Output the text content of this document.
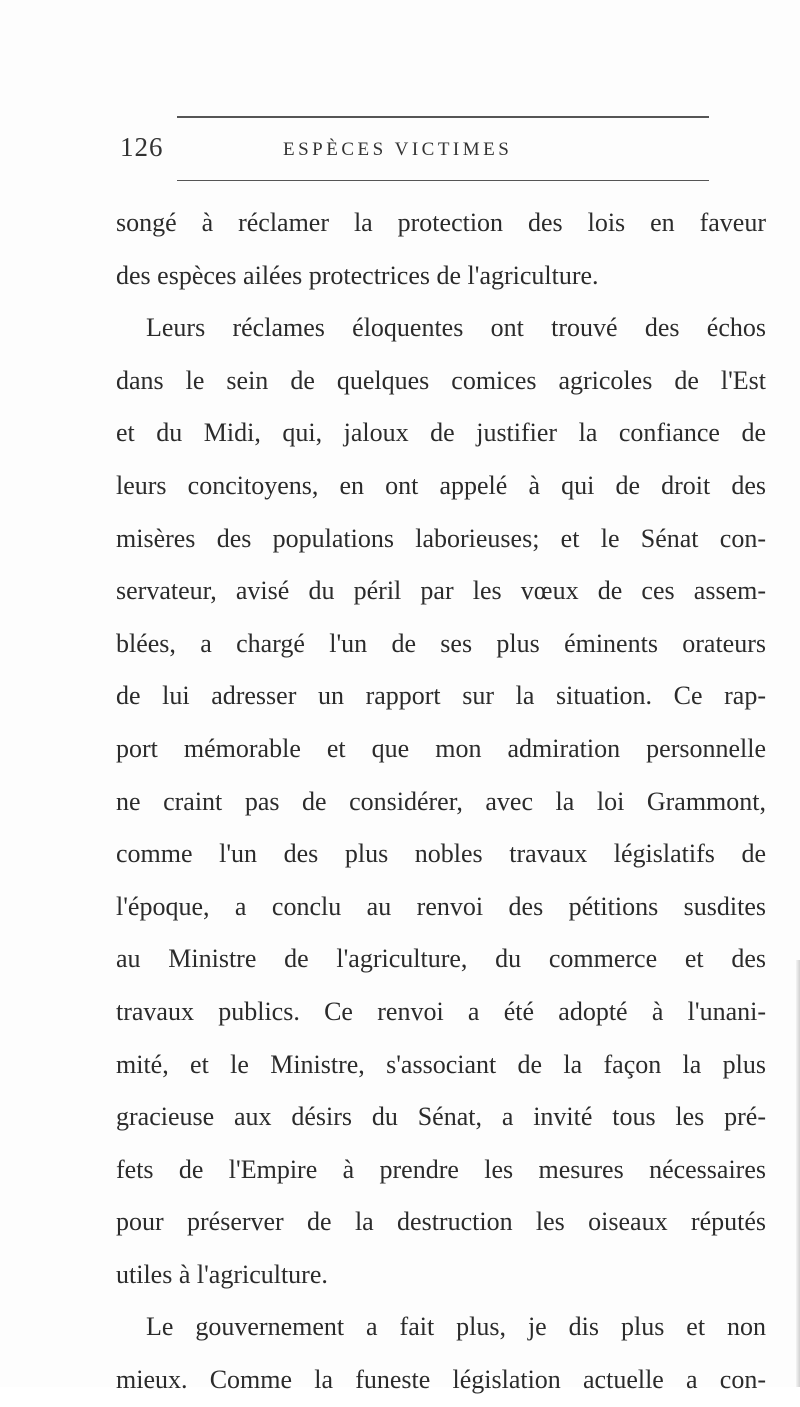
126	ESPÈCES VICTIMES
songé à réclamer la protection des lois en faveur
des espèces ailées protectrices de l'agriculture.
Leurs réclames éloquentes ont trouvé des échos
dans le sein de quelques comices agricoles de l'Est
et du Midi, qui, jaloux de justifier la confiance de
leurs concitoyens, en ont appelé à qui de droit des
misères des populations laborieuses; et le Sénat con-
servateur, avisé du péril par les vœux de ces assem-
blées, a chargé l'un de ses plus éminents orateurs
de lui adresser un rapport sur la situation. Ce rap-
port mémorable et que mon admiration personnelle
ne craint pas de considérer, avec la loi Grammont,
comme l'un des plus nobles travaux législatifs de
l'époque, a conclu au renvoi des pétitions susdites
au Ministre de l'agriculture, du commerce et des
travaux publics. Ce renvoi a été adopté à l'unani-
mité, et le Ministre, s'associant de la façon la plus
gracieuse aux désirs du Sénat, a invité tous les pré-
fets de l'Empire à prendre les mesures nécessaires
pour préserver de la destruction les oiseaux réputés
utiles à l'agriculture.
Le gouvernement a fait plus, je dis plus et non
mieux. Comme la funeste législation actuelle a con-
